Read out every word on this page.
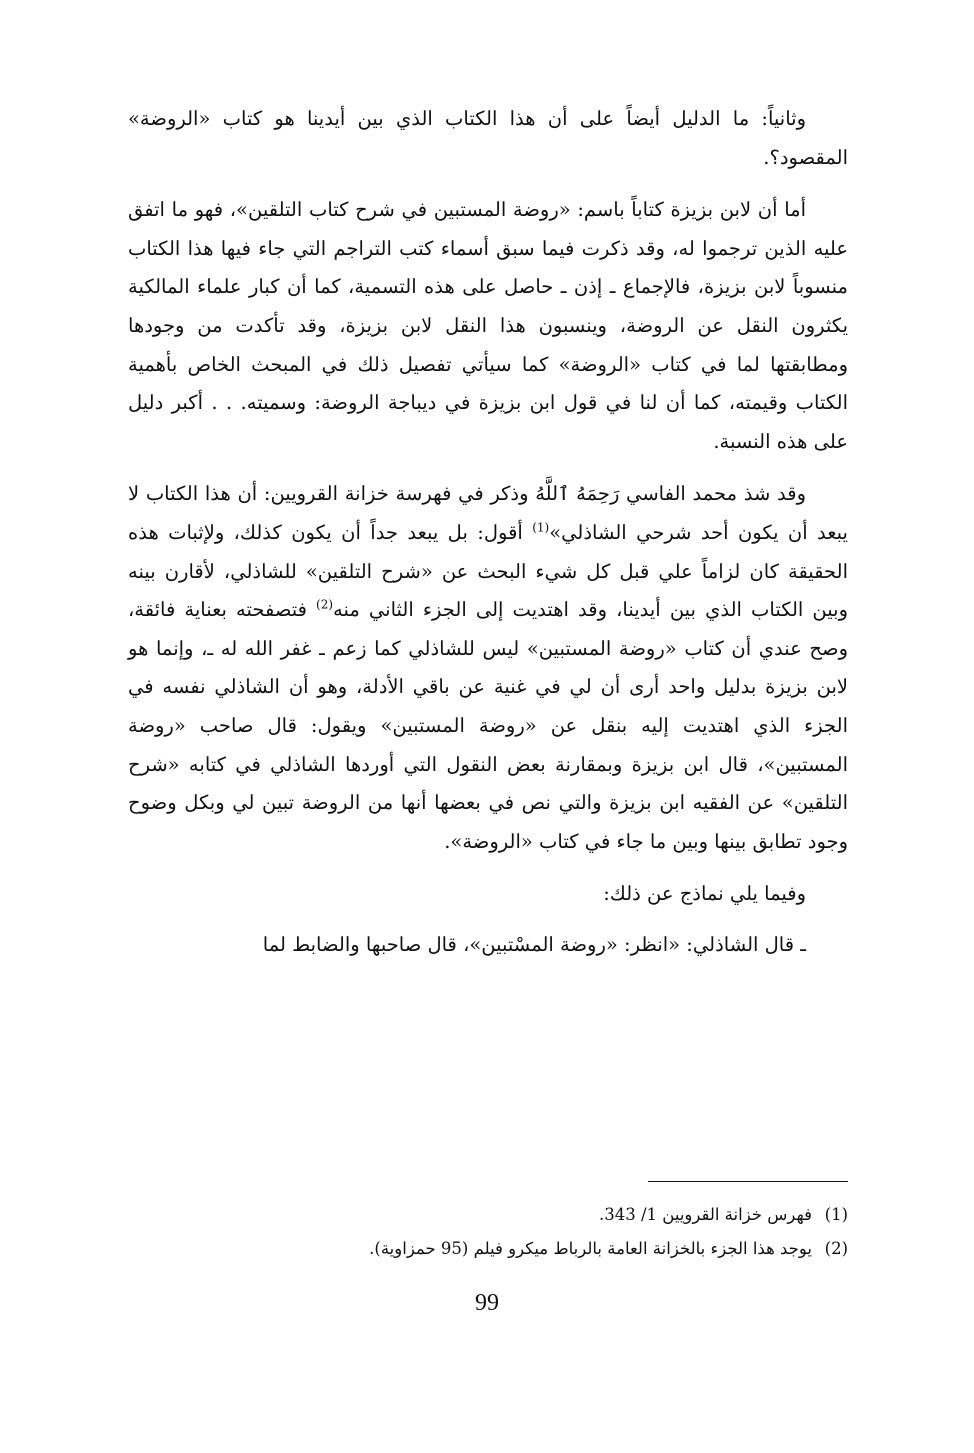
وثانياً: ما الدليل أيضاً على أن هذا الكتاب الذي بين أيدينا هو كتاب «الروضة» المقصود؟.

أما أن لابن بزيزة كتاباً باسم: «روضة المستبين في شرح كتاب التلقين»، فهو ما اتفق عليه الذين ترجموا له، وقد ذكرت فيما سبق أسماء كتب التراجم التي جاء فيها هذا الكتاب منسوباً لابن بزيزة، فالإجماع ـ إذن ـ حاصل على هذه التسمية، كما أن كبار علماء المالكية يكثرون النقل عن الروضة، وينسبون هذا النقل لابن بزيزة، وقد تأكدت من وجودها ومطابقتها لما في كتاب «الروضة» كما سيأتي تفصيل ذلك في المبحث الخاص بأهمية الكتاب وقيمته، كما أن لنا في قول ابن بزيزة في ديباجة الروضة: وسميته. . . أكبر دليل على هذه النسبة.

وقد شذ محمد الفاسي رَحِمَهُ ٱللَّهُ وذكر في فهرسة خزانة القرويين: أن هذا الكتاب لا يبعد أن يكون أحد شرحي الشاذلي»$^{(1)}$ أقول: بل يبعد جداً أن يكون كذلك، ولإثبات هذه الحقيقة كان لزاماً علي قبل كل شيء البحث عن «شرح التلقين» للشاذلي، لأقارن بينه وبين الكتاب الذي بين أيدينا، وقد اهتديت إلى الجزء الثاني منه$^{(2)}$ فتصفحته بعناية فائقة، وصح عندي أن كتاب «روضة المستبين» ليس للشاذلي كما زعم ـ غفر الله له ـ، وإنما هو لابن بزيزة بدليل واحد أرى أن لي في غنية عن باقي الأدلة، وهو أن الشاذلي نفسه في الجزء الذي اهتديت إليه بنقل عن «روضة المستبين» ويقول: قال صاحب «روضة المستبين»، قال ابن بزيزة وبمقارنة بعض النقول التي أوردها الشاذلي في كتابه «شرح التلقين» عن الفقيه ابن بزيزة والتي نص في بعضها أنها من الروضة تبين لي وبكل وضوح وجود تطابق بينها وبين ما جاء في كتاب «الروضة».

وفيما يلي نماذج عن ذلك:

ـ قال الشاذلي: «انظر: «روضة المسْتبين»، قال صاحبها والضابط لما

(1)
فهرس خزانة القرويين 1/ 343.
(2)
يوجد هذا الجزء بالخزانة العامة بالرباط ميكرو فيلم (95 حمزاوية).
99
